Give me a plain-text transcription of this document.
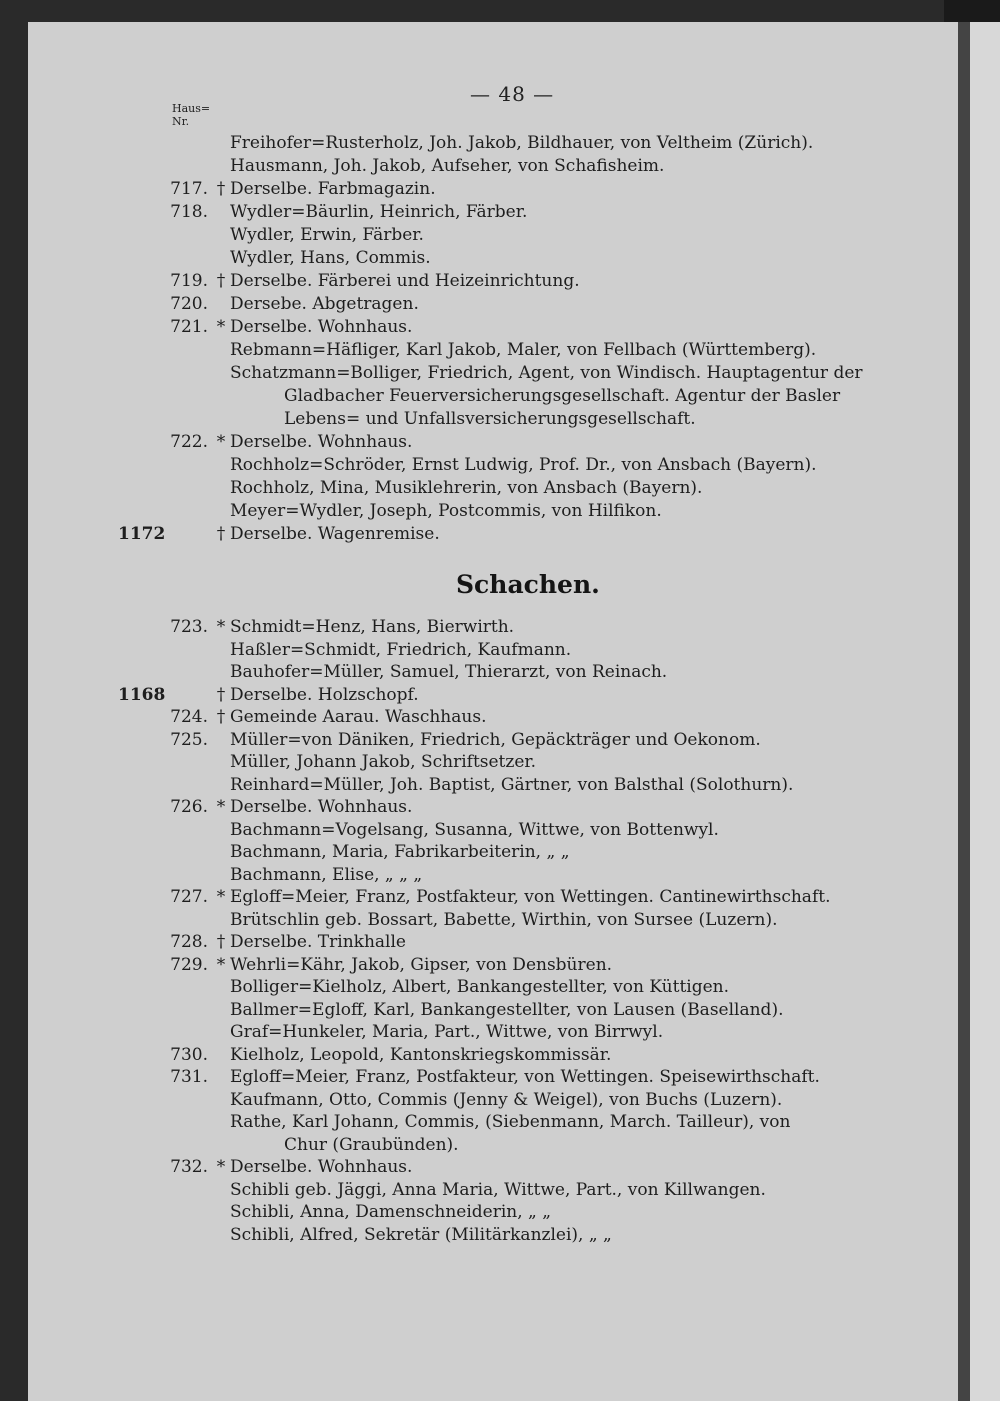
— 48 —
Haus=
Nr.
Freihofer=Rusterholz, Joh. Jakob, Bildhauer, von Veltheim (Zürich).
Hausmann, Joh. Jakob, Aufseher, von Schafisheim.
717. † Derselbe. Farbmagazin.
718. Wydler=Bäurlin, Heinrich, Färber.
Wydler, Erwin, Färber.
Wydler, Hans, Commis.
719. † Derselbe. Färberei und Heizeinrichtung.
720. Dersebe. Abgetragen.
721. * Derselbe. Wohnhaus.
Rebmann=Häfliger, Karl Jakob, Maler, von Fellbach (Württemberg).
Schatzmann=Bolliger, Friedrich, Agent, von Windisch. Hauptagentur der
Gladbacher Feuerversicherungsgesellschaft. Agentur der Basler
Lebens= und Unfallsversicherungsgesellschaft.
722. * Derselbe. Wohnhaus.
Rochholz=Schröder, Ernst Ludwig, Prof. Dr., von Ansbach (Bayern).
Rochholz, Mina, Musiklehrerin, von Ansbach (Bayern).
Meyer=Wydler, Joseph, Postcommis, von Hilfikon.
1172	† Derselbe. Wagenremise.
Schachen.
723. * Schmidt=Henz, Hans, Bierwirth.
Haßler=Schmidt, Friedrich, Kaufmann.
Bauhofer=Müller, Samuel, Thierarzt, von Reinach.
1168	† Derselbe. Holzschopf.
724. † Gemeinde Aarau. Waschhaus.
725. Müller=von Däniken, Friedrich, Gepäckträger und Oekonom.
Müller, Johann Jakob, Schriftsetzer.
Reinhard=Müller, Joh. Baptist, Gärtner, von Balsthal (Solothurn).
726. * Derselbe. Wohnhaus.
Bachmann=Vogelsang, Susanna, Wittwe, von Bottenwyl.
Bachmann, Maria, Fabrikarbeiterin, „ „
Bachmann, Elise, „ „ „
727. * Egloff=Meier, Franz, Postfakteur, von Wettingen. Cantinewirthschaft.
Brütschlin geb. Bossart, Babette, Wirthin, von Sursee (Luzern).
728. † Derselbe. Trinkhalle
729. * Wehrli=Kähr, Jakob, Gipser, von Densbüren.
Bolliger=Kielholz, Albert, Bankangestellter, von Küttigen.
Ballmer=Egloff, Karl, Bankangestellter, von Lausen (Baselland).
Graf=Hunkeler, Maria, Part., Wittwe, von Birrwyl.
730. Kielholz, Leopold, Kantonskriegskommissär.
731. Egloff=Meier, Franz, Postfakteur, von Wettingen. Speisewirthschaft.
Kaufmann, Otto, Commis (Jenny & Weigel), von Buchs (Luzern).
Rathe, Karl Johann, Commis, (Siebenmann, March. Tailleur), von
Chur (Graubünden).
732. * Derselbe. Wohnhaus.
Schibli geb. Jäggi, Anna Maria, Wittwe, Part., von Killwangen.
Schibli, Anna, Damenschneiderin, „ „
Schibli, Alfred, Sekretär (Militärkanzlei), „ „
